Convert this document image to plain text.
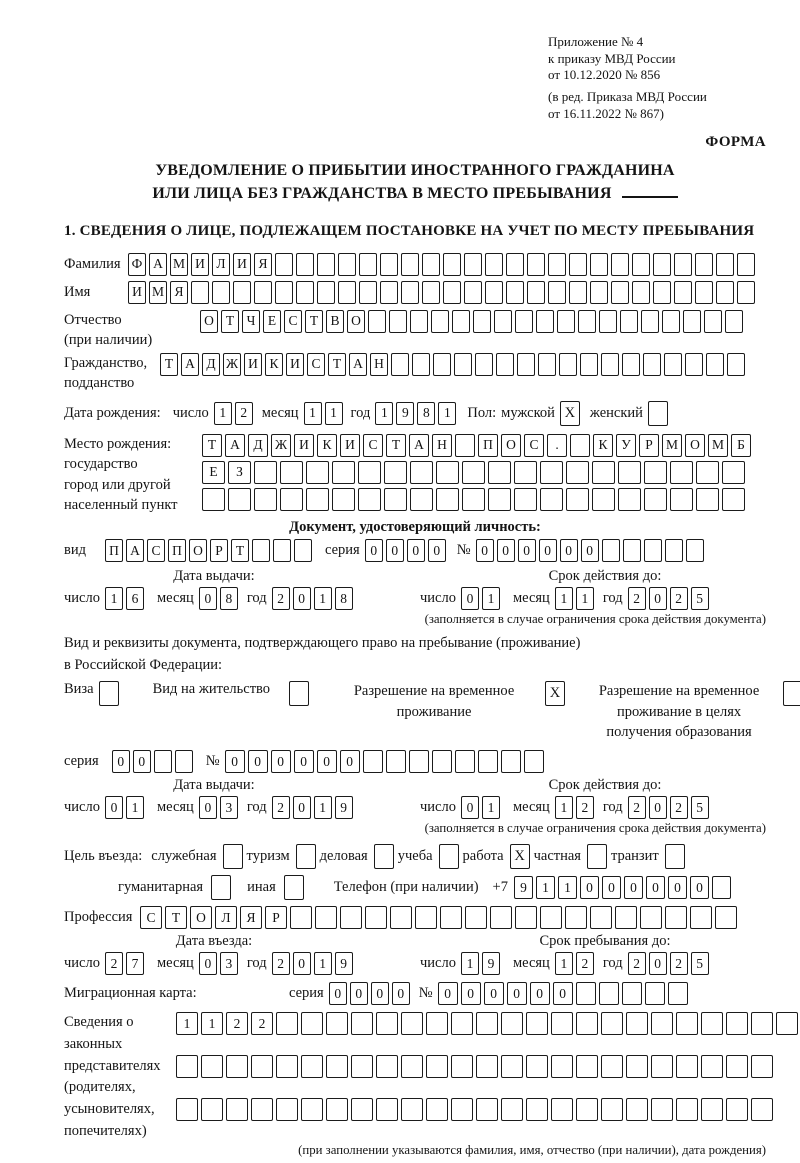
Приложение № 4
к приказу МВД России
от 10.12.2020 № 856
(в ред. Приказа МВД России
от 16.11.2022 № 867)
ФОРМА
УВЕДОМЛЕНИЕ О ПРИБЫТИИ ИНОСТРАННОГО ГРАЖДАНИНА
ИЛИ ЛИЦА БЕЗ ГРАЖДАНСТВА В МЕСТО ПРЕБЫВАНИЯ
1. СВЕДЕНИЯ О ЛИЦЕ, ПОДЛЕЖАЩЕМ ПОСТАНОВКЕ НА УЧЕТ ПО МЕСТУ ПРЕБЫВАНИЯ
Фамилия Ф А М И Л И Я
Имя	И М Я
Отчество
(при наличии)
О Т Ч Е С Т В О
Гражданство,
подданство
Т А Д Ж И К И С Т А Н
Дата рождения: число 1	2	месяц 1	1 год 1	9	8	1	Пол: мужской X	женский
Место рождения:
государство
город или другой
населенный пункт
Т	А	Д Ж И	К	И	С	Т	А Н	П О	С	.	К	У	Р М О М Б
Е	З
Документ, удостоверяющий личность:
вид	П А С П О Р Т	серия 0	0	0	0	№ 0	0	0	0	0	0
Дата выдачи:
число 1	6	месяц 0	8	год 2	0	1	8
Срок действия до:
число 0	1	месяц 1	1	год 2	0	2	5
(заполняется в случае ограничения срока действия документа)
Вид и реквизиты документа, подтверждающего право на пребывание (проживание)
в Российской Федерации:
Виза	Вид на жительство	Разрешение на временное
проживание
X	Разрешение на временное
проживание в целях
получения образования
серия	0	0	№ 0	0	0	0	0	0
Дата выдачи:
число 0	1	месяц 0	3	год 2	0	1	9
Срок действия до:
число 0	1	месяц 1	2	год 2	0	2	5
(заполняется в случае ограничения срока действия документа)
Цель въезда: служебная туризм деловая учеба работа X частная транзит
гуманитарная	иная	Телефон (при наличии) +7 9	1	1	0	0	0	0	0	0
Профессия	С	Т	О	Л	Я	Р
Дата въезда:
число 2	7	месяц 0	3	год 2	0	1	9
Срок пребывания до:
число 1	9	месяц 1	2	год 2	0	2	5
Миграционная карта:	серия 0	0	0	0	№ 0	0	0	0	0	0
Сведения о
законных
представителях
(родителях,
усыновителях,
попечителях)
1	1	2	2
(при заполнении указываются фамилия, имя, отчество (при наличии), дата рождения)
